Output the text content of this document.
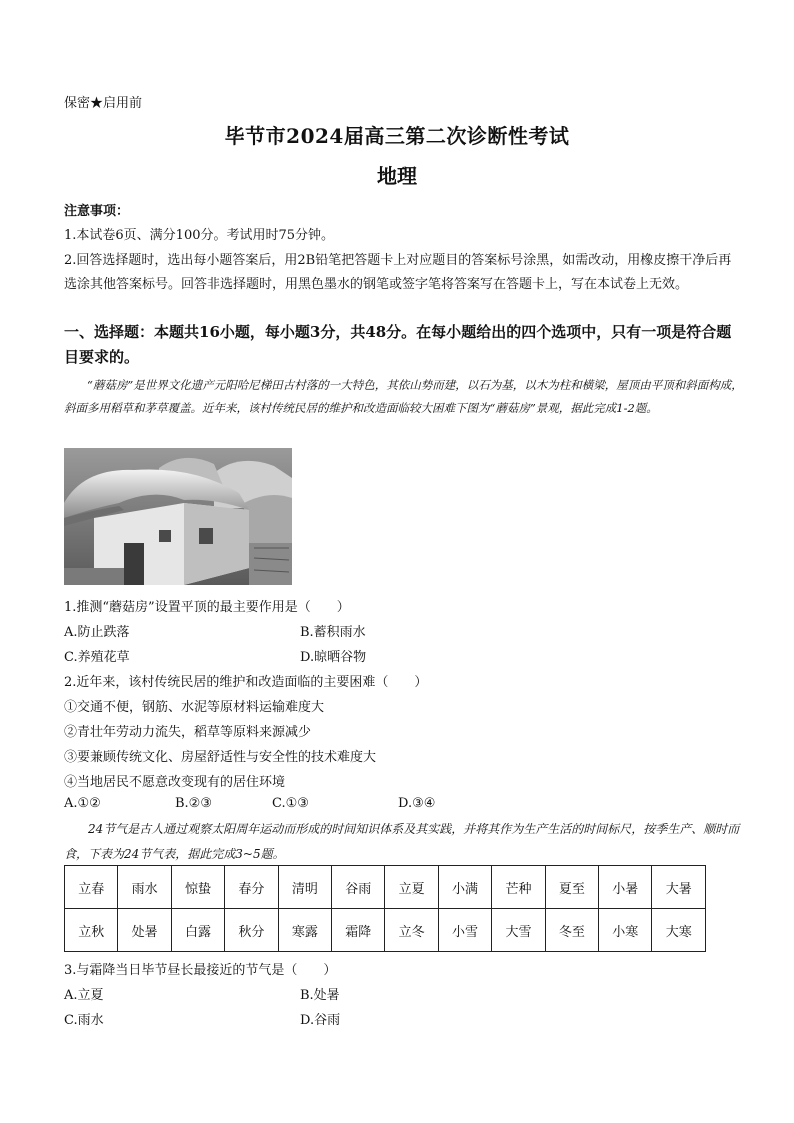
保密★启用前
毕节市2024届高三第二次诊断性考试
地理
注意事项：
1.本试卷6页、满分100分。考试用时75分钟。
2.回答选择题时，选出每小题答案后，用2B铅笔把答题卡上对应题目的答案标号涂黑，如需改动，用橡皮擦干净后再选涂其他答案标号。回答非选择题时，用黑色墨水的钢笔或签字笔将答案写在答题卡上，写在本试卷上无效。
一、选择题：本题共16小题，每小题3分，共48分。在每小题给出的四个选项中，只有一项是符合题目要求的。
“蘑菇房”是世界文化遗产元阳哈尼梯田古村落的一大特色，其依山势而建，以石为基，以木为柱和横梁，屋顶由平顶和斜面构成，斜面多用稻草和茅草覆盖。近年来，该村传统民居的维护和改造面临较大困难下图为“蘑菇房”景观，据此完成1-2题。
1.推测“蘑菇房”设置平顶的最主要作用是（　　）
A.防止跌落	B.蓄积雨水
C.养殖花草	D.晾晒谷物
2.近年来，该村传统民居的维护和改造面临的主要困难（　　）
①交通不便，钢筋、水泥等原材料运输难度大
②青壮年劳动力流失，稻草等原料来源减少
③要兼顾传统文化、房屋舒适性与安全性的技术难度大
④当地居民不愿意改变现有的居住环境
A.①②	B.②③	C.①③	D.③④
24节气是古人通过观察太阳周年运动而形成的时间知识体系及其实践，并将其作为生产生活的时间标尺，按季生产、顺时而食，下表为24节气表，据此完成3~5题。
立春	雨水	惊蛰	春分	清明	谷雨	立夏	小满	芒种	夏至	小暑	大暑
立秋	处暑	白露	秋分	寒露	霜降	立冬	小雪	大雪	冬至	小寒	大寒
3.与霜降当日毕节昼长最接近的节气是（　　）
A.立夏	B.处暑
C.雨水	D.谷雨
